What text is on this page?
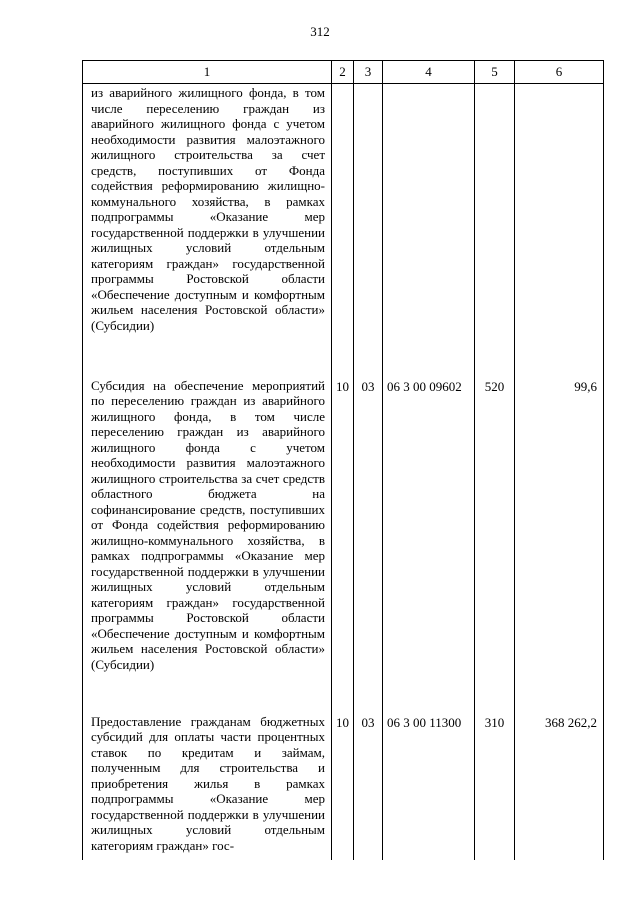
312
1	2	3	4	5	6
из аварийного жилищного фонда, в том числе переселению граждан из аварийного жилищного фонда с учетом необходимости развития малоэтажного жилищного строительства за счет средств, поступивших от Фонда содействия реформированию жилищно-коммунального хозяйства, в рамках подпрограммы «Оказание мер государственной поддержки в улучшении жилищных условий отдельным категориям граждан» государственной программы Ростовской области «Обеспечение доступным и комфортным жильем населения Ростовской области» (Субсидии)					
Субсидия на обеспечение мероприятий по переселению граждан из аварийного жилищного фонда, в том числе переселению граждан из аварийного жилищного фонда с учетом необходимости развития малоэтажного жилищного строительства за счет средств областного бюджета на софинансирование средств, поступивших от Фонда содействия реформированию жилищно-коммунального хозяйства, в рамках подпрограммы «Оказание мер государственной поддержки в улучшении жилищных условий отдельным категориям граждан» государственной программы Ростовской области «Обеспечение доступным и комфортным жильем населения Ростовской области» (Субсидии)	10	03	06 3 00 09602	520	99,6
Предоставление гражданам бюджетных субсидий для оплаты части процентных ставок по кредитам и займам, полученным для строительства и приобретения жилья в рамках подпрограммы «Оказание мер государственной поддержки в улучшении жилищных условий отдельным категориям граждан» гос-	10	03	06 3 00 11300	310	368 262,2
